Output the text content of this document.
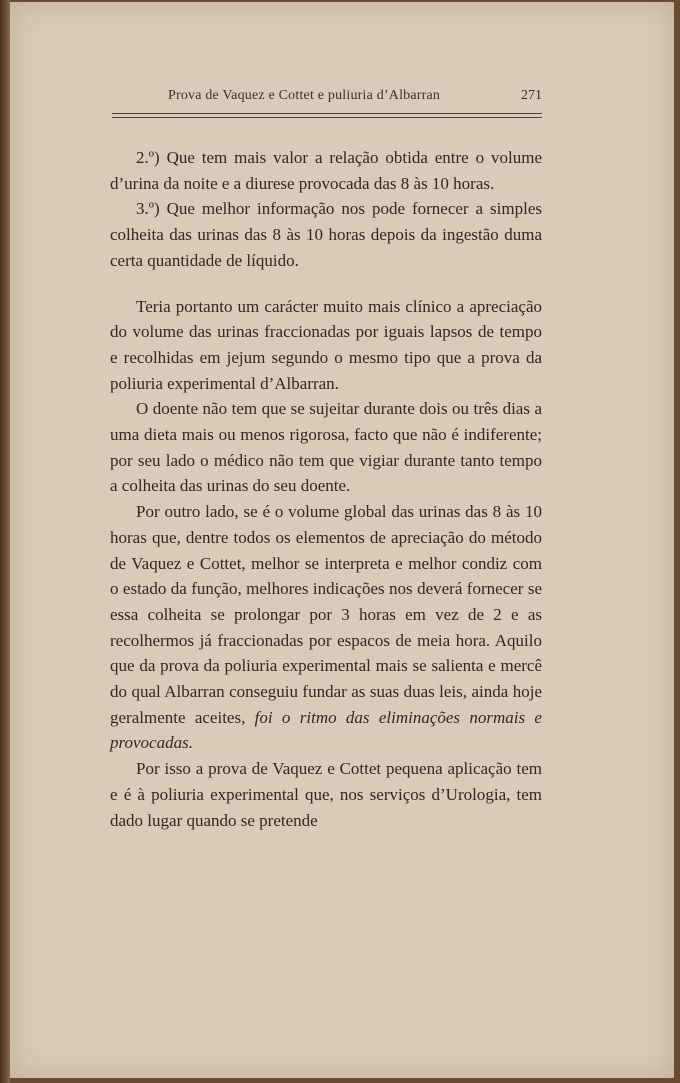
Prova de Vaquez e Cottet e puliuria d’Albarran	271

2.º) Que tem mais valor a relação obtida entre o volume d’urina da noite e a diurese provocada das 8 às 10 horas.

3.º) Que melhor informação nos pode fornecer a simples colheita das urinas das 8 às 10 horas depois da ingestão duma certa quantidade de líquido.

Teria portanto um carácter muito mais clínico a apreciação do volume das urinas fraccionadas por iguais lapsos de tempo e recolhidas em jejum segundo o mesmo tipo que a prova da poliuria experimental d’Albarran.

O doente não tem que se sujeitar durante dois ou três dias a uma dieta mais ou menos rigorosa, facto que não é indiferente; por seu lado o médico não tem que vigiar durante tanto tempo a colheita das urinas do seu doente.

Por outro lado, se é o volume global das urinas das 8 às 10 horas que, dentre todos os elementos de apreciação do método de Vaquez e Cottet, melhor se interpreta e melhor condiz com o estado da função, melhores indicações nos deverá fornecer se essa colheita se prolongar por 3 horas em vez de 2 e as recolhermos já fraccionadas por espacos de meia hora. Aquilo que da prova da poliuria experimental mais se salienta e mercê do qual Albarran conseguiu fundar as suas duas leis, ainda hoje geralmente aceites, foi o ritmo das eliminações normais e provocadas.

Por isso a prova de Vaquez e Cottet pequena aplicação tem e é à poliuria experimental que, nos serviços d’Urologia, tem dado lugar quando se pretende
